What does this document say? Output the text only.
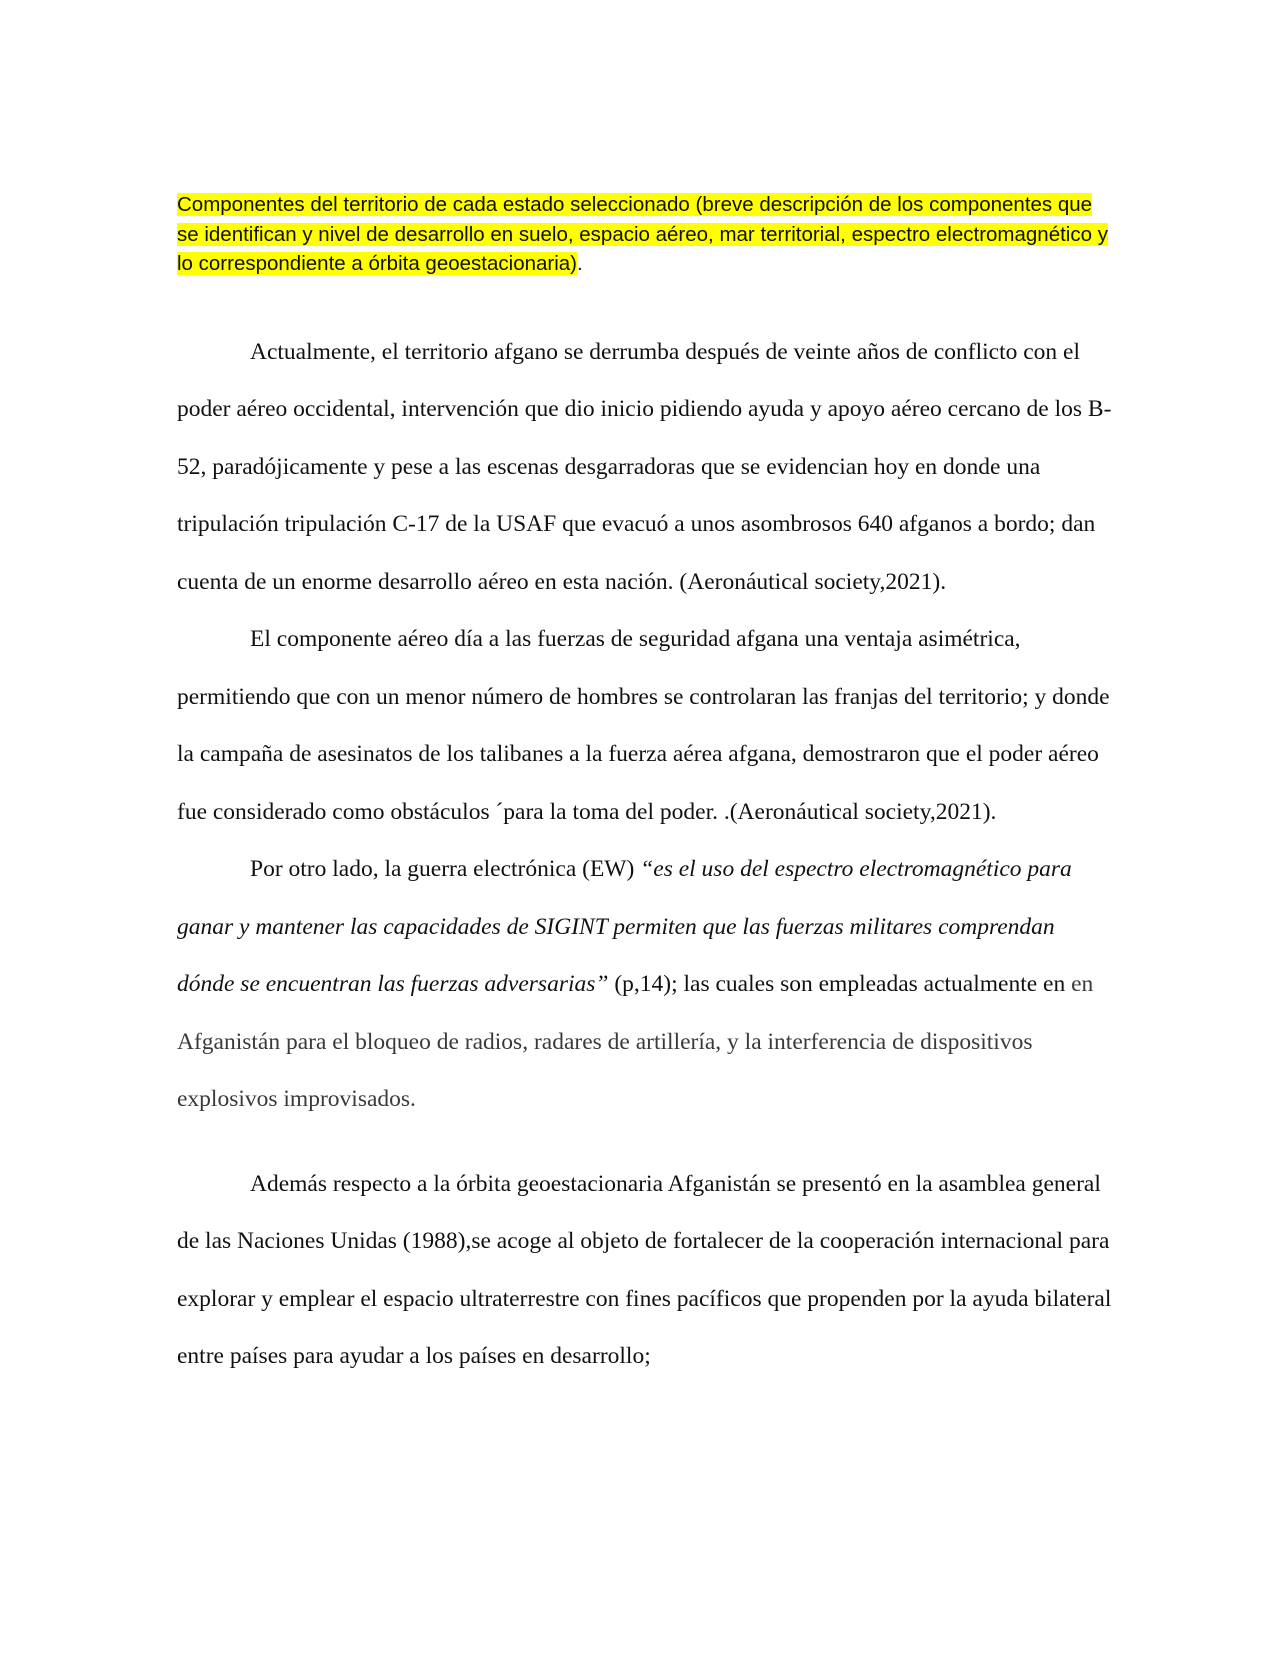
Componentes del territorio de cada estado seleccionado (breve descripción de los componentes que se identifican y nivel de desarrollo en suelo, espacio aéreo, mar territorial, espectro electromagnético y lo correspondiente a órbita geoestacionaria).

Actualmente, el territorio afgano se derrumba después de veinte años de conflicto con el poder aéreo occidental, intervención que dio inicio pidiendo ayuda y apoyo aéreo cercano de los B-52, paradójicamente y pese a las escenas desgarradoras que se evidencian hoy en donde una tripulación tripulación C-17 de la USAF que evacuó a unos asombrosos 640 afganos a bordo; dan cuenta de un enorme desarrollo aéreo en esta nación. (Aeronáutical society,2021).

El componente aéreo día a las fuerzas de seguridad afgana una ventaja asimétrica, permitiendo que con un menor número de hombres se controlaran las franjas del territorio; y donde la campaña de asesinatos de los talibanes a la fuerza aérea afgana, demostraron que el poder aéreo fue considerado como obstáculos ´para la toma del poder. .(Aeronáutical society,2021).

Por otro lado, la guerra electrónica (EW) “es el uso del espectro electromagnético para ganar y mantener las capacidades de SIGINT permiten que las fuerzas militares comprendan dónde se encuentran las fuerzas adversarias” (p,14); las cuales son empleadas actualmente en en Afganistán para el bloqueo de radios, radares de artillería, y la interferencia de dispositivos explosivos improvisados.

Además respecto a la órbita geoestacionaria Afganistán se presentó en la asamblea general de las Naciones Unidas (1988),se acoge al objeto de fortalecer de la cooperación internacional para explorar y emplear el espacio ultraterrestre con fines pacíficos que propenden por la ayuda bilateral entre países para ayudar a los países en desarrollo;
